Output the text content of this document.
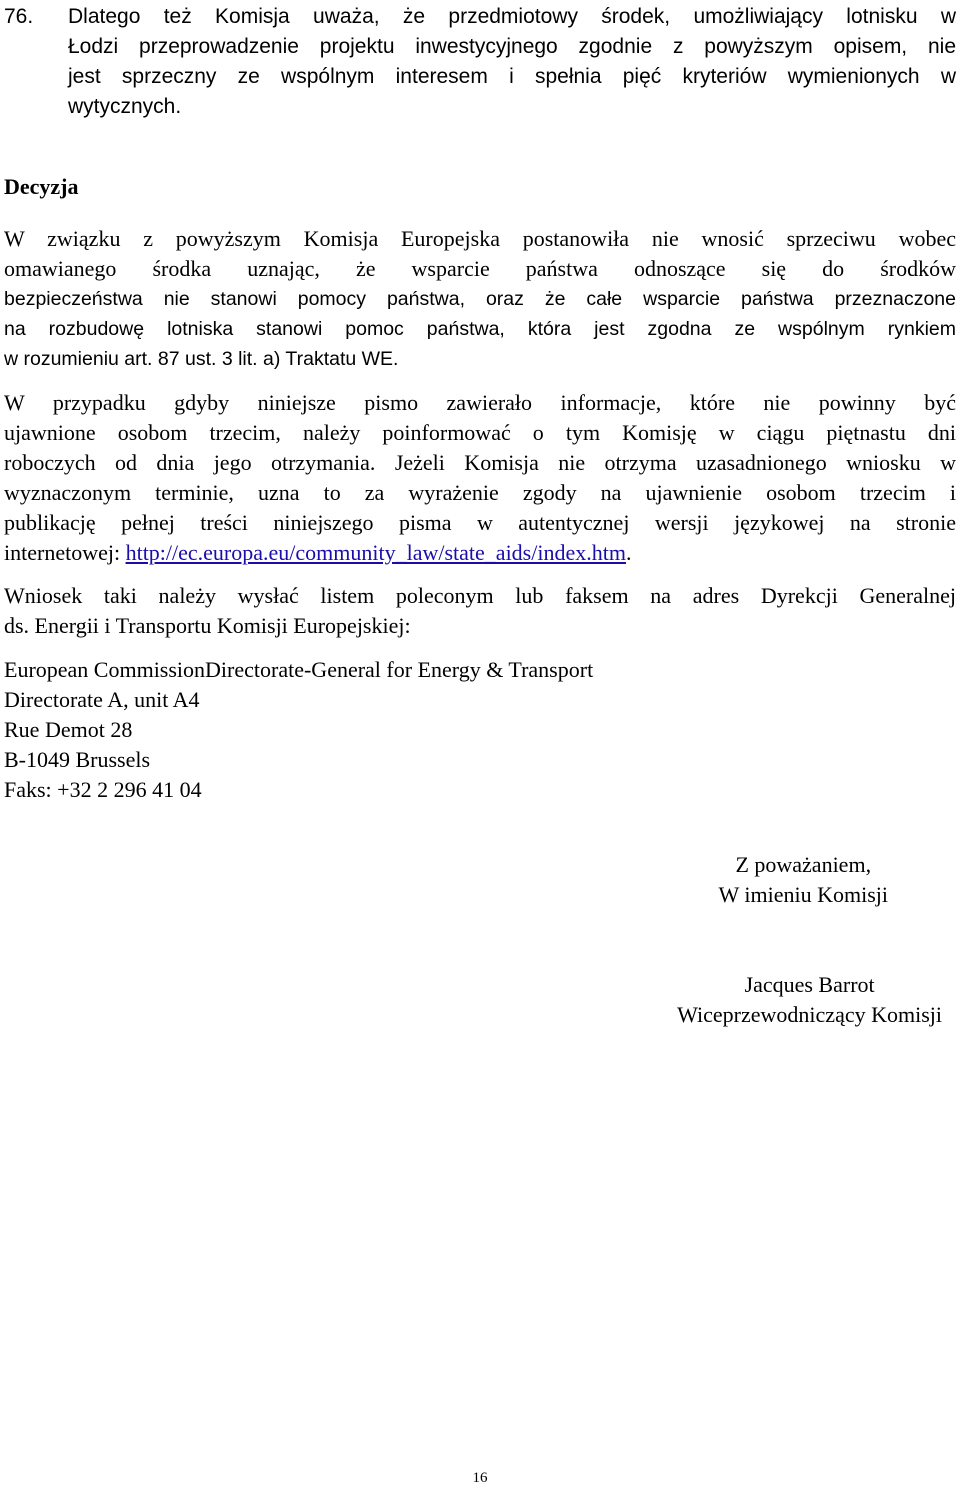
76. Dlatego też Komisja uważa, że przedmiotowy środek, umożliwiający lotnisku w
Łodzi przeprowadzenie projektu inwestycyjnego zgodnie z powyższym opisem, nie
jest sprzeczny ze wspólnym interesem i spełnia pięć kryteriów wymienionych w
wytycznych.
Decyzja
W związku z powyższym Komisja Europejska postanowiła nie wnosić sprzeciwu wobec
omawianego środka uznając, że wsparcie państwa odnoszące się do środków
bezpieczeństwa nie stanowi pomocy państwa, oraz że całe wsparcie państwa przeznaczone
na rozbudowę lotniska stanowi pomoc państwa, która jest zgodna ze wspólnym rynkiem
w rozumieniu art. 87 ust. 3 lit. a) Traktatu WE.
W przypadku gdyby niniejsze pismo zawierało informacje, które nie powinny być
ujawnione osobom trzecim, należy poinformować o tym Komisję w ciągu piętnastu dni
roboczych od dnia jego otrzymania. Jeżeli Komisja nie otrzyma uzasadnionego wniosku w
wyznaczonym terminie, uzna to za wyrażenie zgody na ujawnienie osobom trzecim i
publikację pełnej treści niniejszego pisma w autentycznej wersji językowej na stronie
internetowej: http://ec.europa.eu/community_law/state_aids/index.htm.
Wniosek taki należy wysłać listem poleconym lub faksem na adres Dyrekcji Generalnej
ds. Energii i Transportu Komisji Europejskiej:
European CommissionDirectorate-General for Energy & Transport
Directorate A, unit A4
Rue Demot 28
B-1049 Brussels
Faks: +32 2 296 41 04
Z poważaniem,
W imieniu Komisji
Jacques Barrot
Wiceprzewodniczący Komisji
16
